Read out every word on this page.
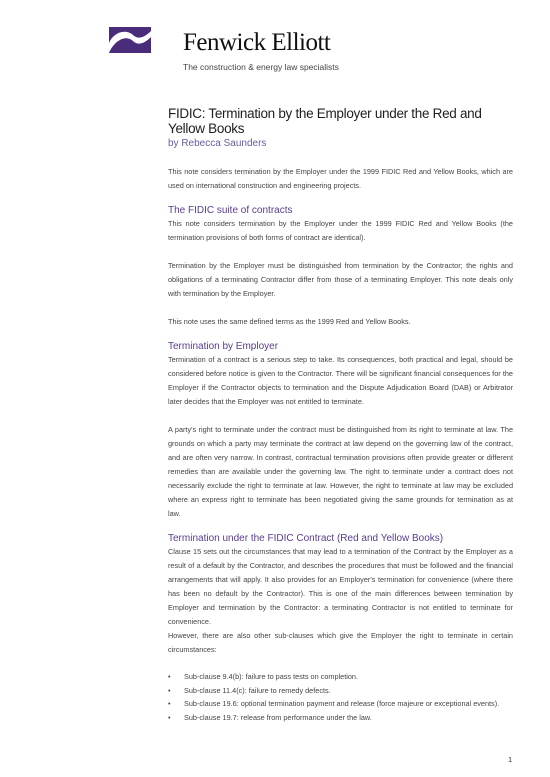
Fenwick Elliott
The construction & energy law specialists
FIDIC: Termination by the Employer under the Red and Yellow Books
by Rebecca Saunders

This note considers termination by the Employer under the 1999 FIDIC Red and Yellow Books, which are used on international construction and engineering projects.

The FIDIC suite of contracts

This note considers termination by the Employer under the 1999 FIDIC Red and Yellow Books (the termination provisions of both forms of contract are identical).

Termination by the Employer must be distinguished from termination by the Contractor; the rights and obligations of a terminating Contractor differ from those of a terminating Employer. This note deals only with termination by the Employer.

This note uses the same defined terms as the 1999 Red and Yellow Books.

Termination by Employer

Termination of a contract is a serious step to take. Its consequences, both practical and legal, should be considered before notice is given to the Contractor. There will be significant financial consequences for the Employer if the Contractor objects to termination and the Dispute Adjudication Board (DAB) or Arbitrator later decides that the Employer was not entitled to terminate.

A party's right to terminate under the contract must be distinguished from its right to terminate at law. The grounds on which a party may terminate the contract at law depend on the governing law of the contract, and are often very narrow. In contrast, contractual termination provisions often provide greater or different remedies than are available under the governing law. The right to terminate under a contract does not necessarily exclude the right to terminate at law. However, the right to terminate at law may be excluded where an express right to terminate has been negotiated giving the same grounds for termination as at law.

Termination under the FIDIC Contract (Red and Yellow Books)

Clause 15 sets out the circumstances that may lead to a termination of the Contract by the Employer as a result of a default by the Contractor, and describes the procedures that must be followed and the financial arrangements that will apply. It also provides for an Employer's termination for convenience (where there has been no default by the Contractor). This is one of the main differences between termination by Employer and termination by the Contractor: a terminating Contractor is not entitled to terminate for convenience.

However, there are also other sub-clauses which give the Employer the right to terminate in certain circumstances:

• Sub-clause 9.4(b): failure to pass tests on completion.
• Sub-clause 11.4(c): failure to remedy defects.
• Sub-clause 19.6: optional termination payment and release (force majeure or exceptional events).
• Sub-clause 19.7: release from performance under the law.
1
